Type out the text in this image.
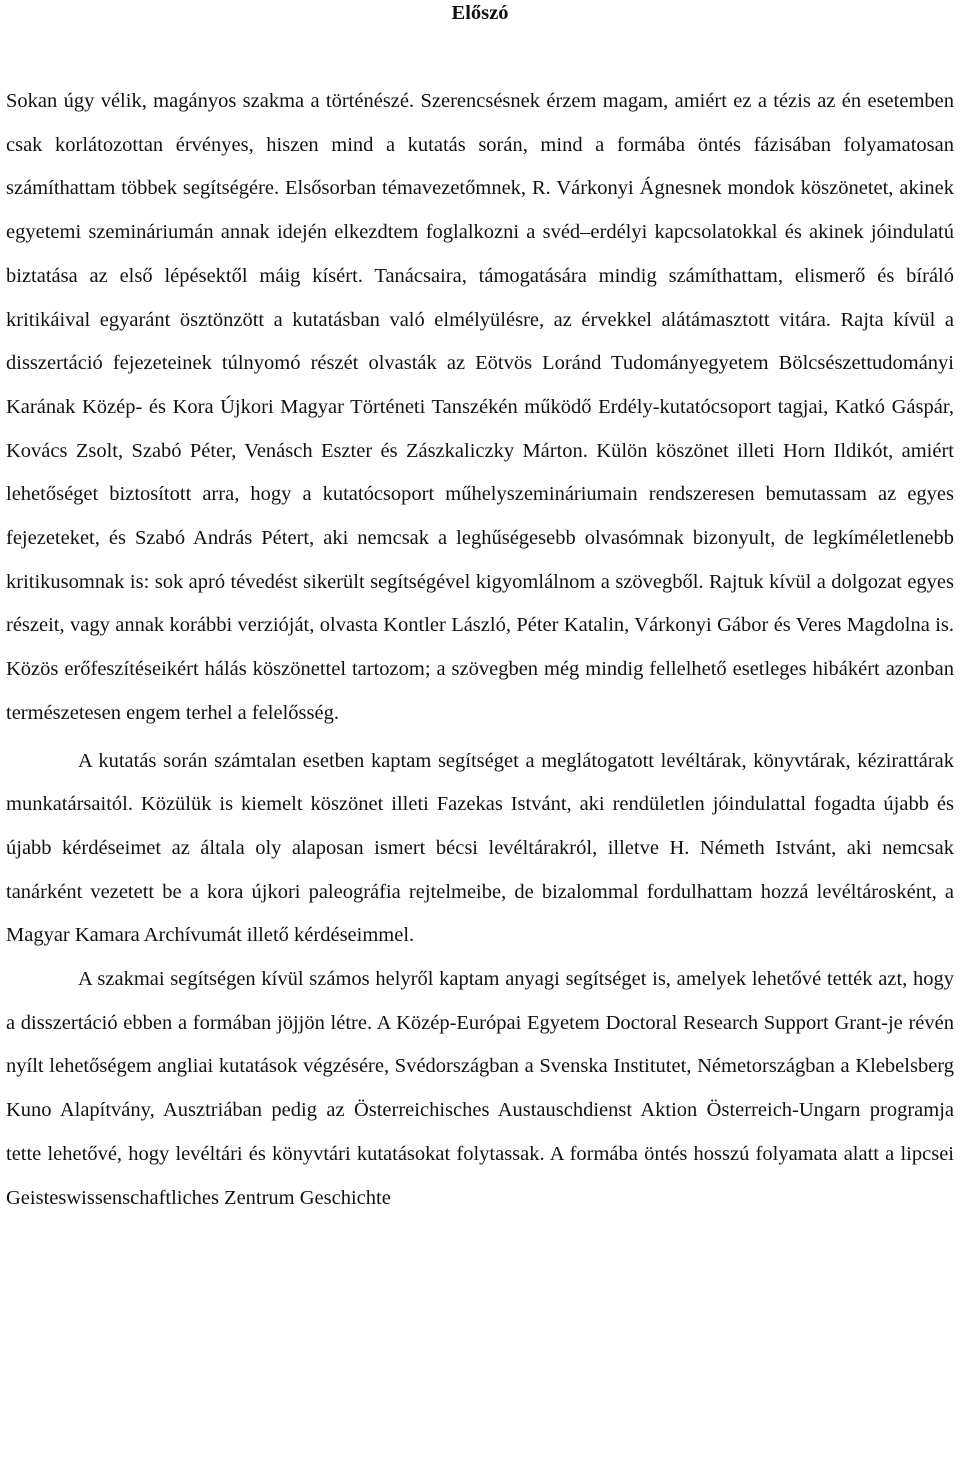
Előszó

Sokan úgy vélik, magányos szakma a történészé. Szerencsésnek érzem magam, amiért ez a tézis az én esetemben csak korlátozottan érvényes, hiszen mind a kutatás során, mind a formába öntés fázisában folyamatosan számíthattam többek segítségére. Elsősorban témavezetőmnek, R. Várkonyi Ágnesnek mondok köszönetet, akinek egyetemi szemináriumán annak idején elkezdtem foglalkozni a svéd–erdélyi kapcsolatokkal és akinek jóindulatú biztatása az első lépésektől máig kísért. Tanácsaira, támogatására mindig számíthattam, elismerő és bíráló kritikáival egyaránt ösztönzött a kutatásban való elmélyülésre, az érvekkel alátámasztott vitára. Rajta kívül a disszertáció fejezeteinek túlnyomó részét olvasták az Eötvös Loránd Tudományegyetem Bölcsészettudományi Karának Közép- és Kora Újkori Magyar Történeti Tanszékén működő Erdély-kutatócsoport tagjai, Katkó Gáspár, Kovács Zsolt, Szabó Péter, Venásch Eszter és Zászkaliczky Márton. Külön köszönet illeti Horn Ildikót, amiért lehetőséget biztosított arra, hogy a kutatócsoport műhelyszemináriumain rendszeresen bemutassam az egyes fejezeteket, és Szabó András Pétert, aki nemcsak a leghűségesebb olvasómnak bizonyult, de legkíméletlenebb kritikusomnak is: sok apró tévedést sikerült segítségével kigyomlálnom a szövegből. Rajtuk kívül a dolgozat egyes részeit, vagy annak korábbi verzióját, olvasta Kontler László, Péter Katalin, Várkonyi Gábor és Veres Magdolna is. Közös erőfeszítéseikért hálás köszönettel tartozom; a szövegben még mindig fellelhető esetleges hibákért azonban természetesen engem terhel a felelősség.

A kutatás során számtalan esetben kaptam segítséget a meglátogatott levéltárak, könyvtárak, kézirattárak munkatársaitól. Közülük is kiemelt köszönet illeti Fazekas Istvánt, aki rendületlen jóindulattal fogadta újabb és újabb kérdéseimet az általa oly alaposan ismert bécsi levéltárakról, illetve H. Németh Istvánt, aki nemcsak tanárként vezetett be a kora újkori paleográfia rejtelmeibe, de bizalommal fordulhattam hozzá levéltárosként, a Magyar Kamara Archívumát illető kérdéseimmel.

A szakmai segítségen kívül számos helyről kaptam anyagi segítséget is, amelyek lehetővé tették azt, hogy a disszertáció ebben a formában jöjjön létre. A Közép-Európai Egyetem Doctoral Research Support Grant-je révén nyílt lehetőségem angliai kutatások végzésére, Svédországban a Svenska Institutet, Németországban a Klebelsberg Kuno Alapítvány, Ausztriában pedig az Österreichisches Austauschdienst Aktion Österreich-Ungarn programja tette lehetővé, hogy levéltári és könyvtári kutatásokat folytassak. A formába öntés hosszú folyamata alatt a lipcsei Geisteswissenschaftliches Zentrum Geschichte
